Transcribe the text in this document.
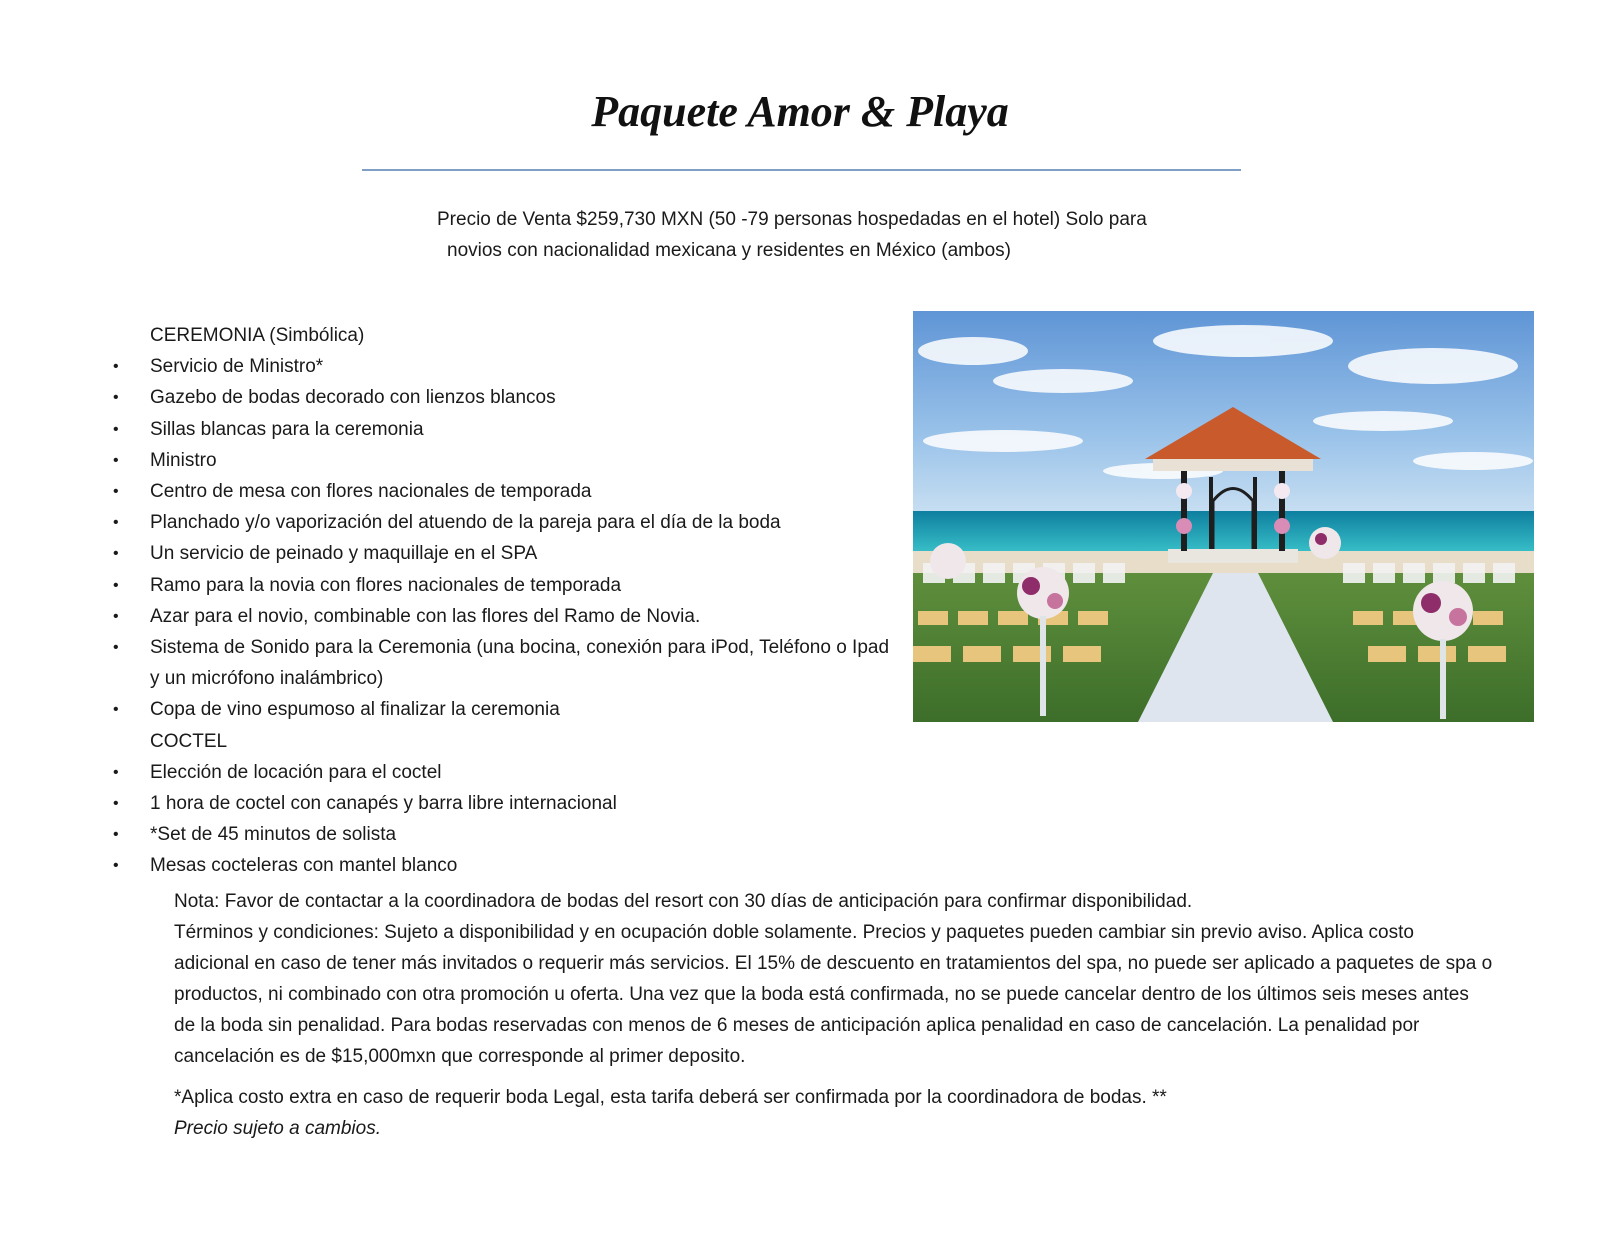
Paquete Amor & Playa
Precio de Venta $259,730 MXN (50 -79 personas hospedadas en el hotel) Solo para
novios con nacionalidad mexicana y residentes en México (ambos)
CEREMONIA (Simbólica)
• Servicio de Ministro*
• Gazebo de bodas decorado con lienzos blancos
• Sillas blancas para la ceremonia
• Ministro
• Centro de mesa con flores nacionales de temporada
• Planchado y/o vaporización del atuendo de la pareja para el día de la boda
• Un servicio de peinado y maquillaje en el SPA
• Ramo para la novia con flores nacionales de temporada
• Azar para el novio, combinable con las flores del Ramo de Novia.
• Sistema de Sonido para la Ceremonia (una bocina, conexión para iPod, Teléfono o Ipad y un micrófono inalámbrico)
• Copa de vino espumoso al finalizar la ceremonia
COCTEL
• Elección de locación para el coctel
• 1 hora de coctel con canapés y barra libre internacional
• *Set de 45 minutos de solista
• Mesas cocteleras con mantel blanco

Nota: Favor de contactar a la coordinadora de bodas del resort con 30 días de anticipación para confirmar disponibilidad.

Términos y condiciones: Sujeto a disponibilidad y en ocupación doble solamente. Precios y paquetes pueden cambiar sin previo aviso. Aplica costo adicional en caso de tener más invitados o requerir más servicios. El 15% de descuento en tratamientos del spa, no puede ser aplicado a paquetes de spa o productos, ni combinado con otra promoción u oferta. Una vez que la boda está confirmada, no se puede cancelar dentro de los últimos seis meses antes de la boda sin penalidad. Para bodas reservadas con menos de 6 meses de anticipación aplica penalidad en caso de cancelación. La penalidad por cancelación es de $15,000mxn que corresponde al primer deposito.

*Aplica costo extra en caso de requerir boda Legal, esta tarifa deberá ser confirmada por la coordinadora de bodas. **

Precio sujeto a cambios.
